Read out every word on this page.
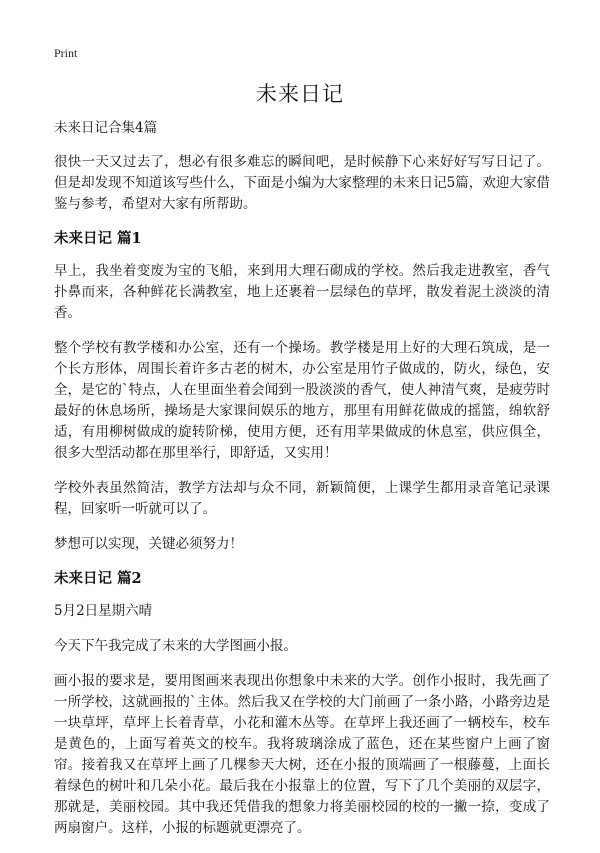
Print
未来日记
未来日记合集4篇

很快一天又过去了，想必有很多难忘的瞬间吧，是时候静下心来好好写写日记了。但是却发现不知道该写些什么，下面是小编为大家整理的未来日记5篇，欢迎大家借鉴与参考，希望对大家有所帮助。

未来日记 篇1

早上，我坐着变废为宝的飞船，来到用大理石砌成的学校。然后我走进教室，香气扑鼻而来，各种鲜花长满教室，地上还裹着一层绿色的草坪，散发着泥土淡淡的清香。

整个学校有教学楼和办公室，还有一个操场。教学楼是用上好的大理石筑成，是一个长方形体，周围长着许多古老的树木，办公室是用竹子做成的，防火，绿色，安全，是它的`特点，人在里面坐着会闻到一股淡淡的香气，使人神清气爽，是疲劳时最好的休息场所，操场是大家课间娱乐的地方，那里有用鲜花做成的摇篮，绵软舒适，有用柳树做成的旋转阶梯，使用方便，还有用苹果做成的休息室，供应俱全，很多大型活动都在那里举行，即舒适，又实用！

学校外表虽然简洁，教学方法却与众不同，新颖简便，上课学生都用录音笔记录课程，回家听一听就可以了。

梦想可以实现，关键必须努力！

未来日记 篇2

5月2日星期六晴

今天下午我完成了未来的大学图画小报。

画小报的要求是，要用图画来表现出你想象中未来的大学。创作小报时，我先画了一所学校，这就画报的`主体。然后我又在学校的大门前画了一条小路，小路旁边是一块草坪，草坪上长着青草，小花和灌木丛等。在草坪上我还画了一辆校车，校车是黄色的，上面写着英文的校车。我将玻璃涂成了蓝色，还在某些窗户上画了窗帘。接着我又在草坪上画了几棵参天大树，还在小报的顶端画了一根藤蔓，上面长着绿色的树叶和几朵小花。最后我在小报靠上的位置，写下了几个美丽的双层字，那就是，美丽校园。其中我还凭借我的想象力将美丽校园的校的一撇一捺，变成了两扇窗户。这样，小报的标题就更漂亮了。
